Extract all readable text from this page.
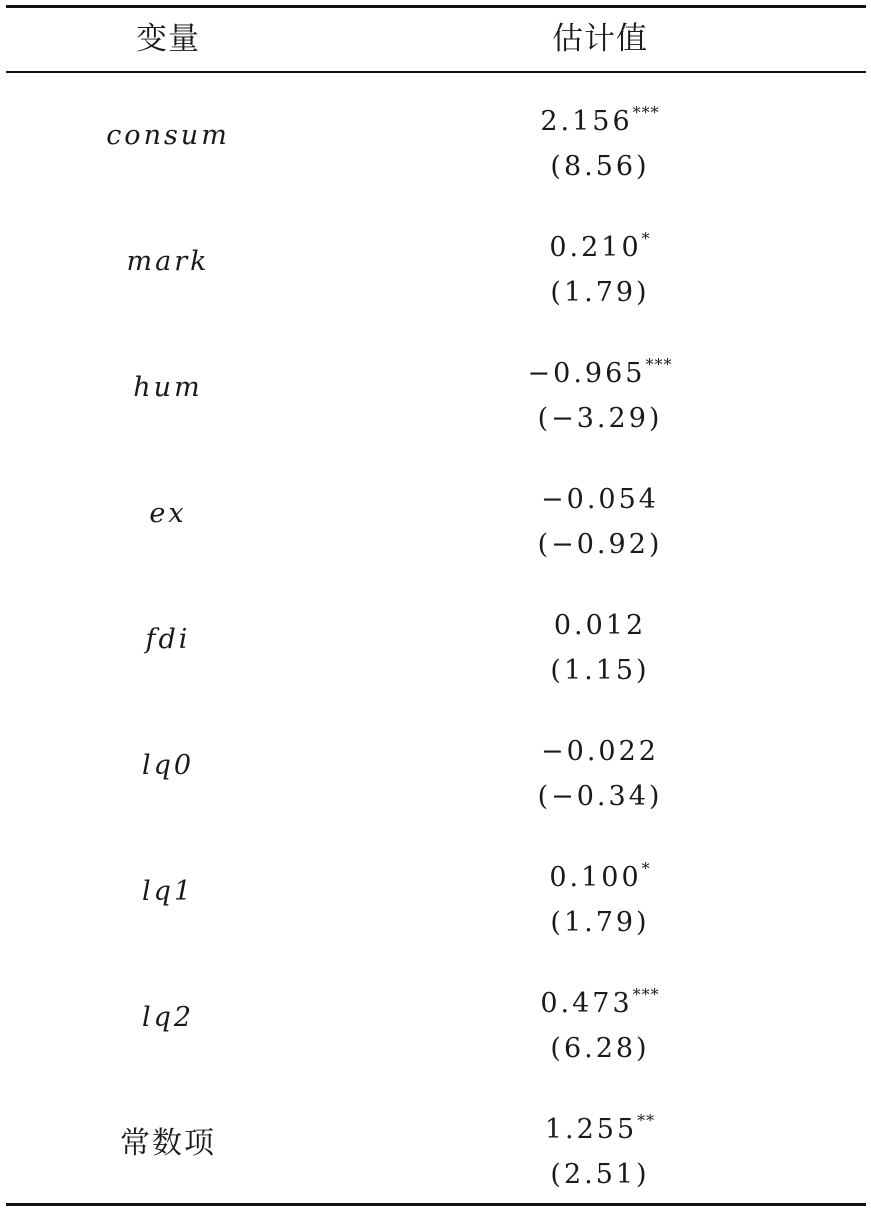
变量	估计值
consum	2.156***
(8.56)
mark	0.210*
(1.79)
hum	−0.965***
(−3.29)
ex	−0.054
(−0.92)
fdi	0.012
(1.15)
lq0	−0.022
(−0.34)
lq1	0.100*
(1.79)
lq2	0.473***
(6.28)
常数项	1.255**
(2.51)
